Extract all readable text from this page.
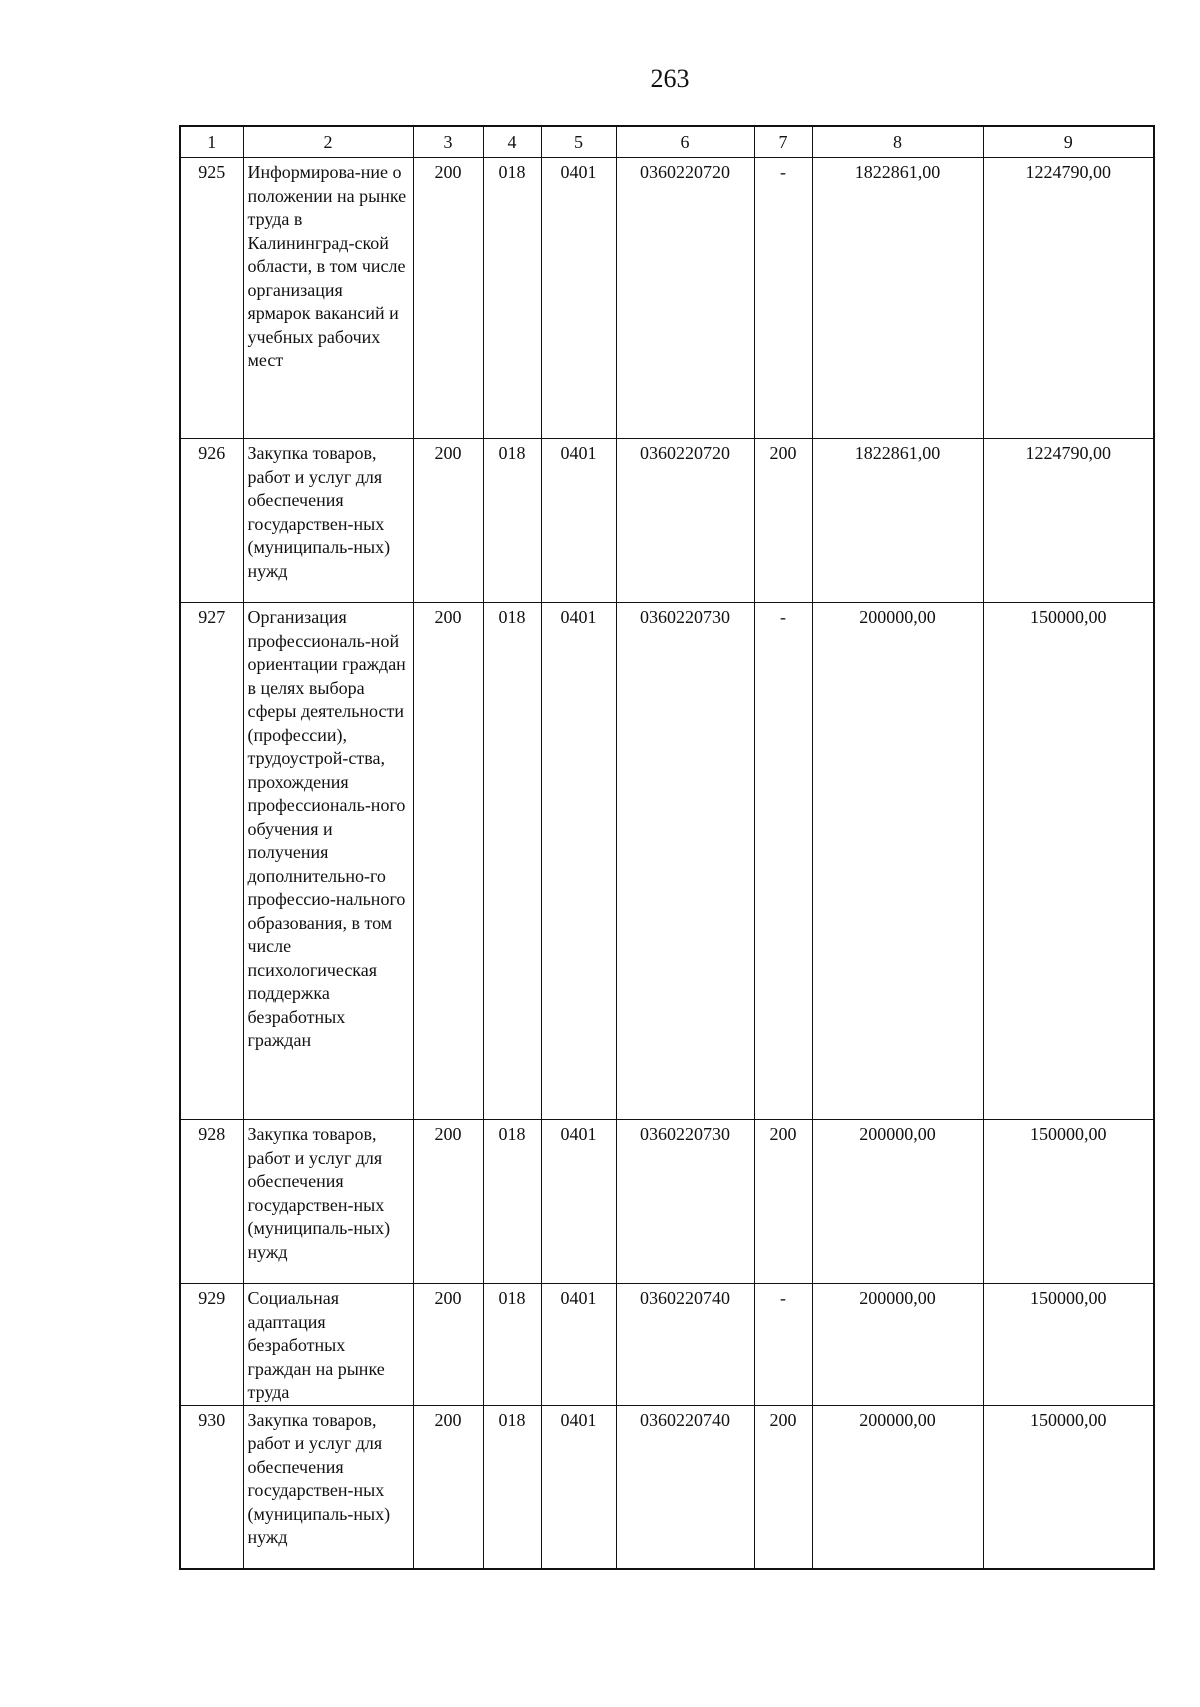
263
1	2	3	4	5	6	7	8	9
925	Информирова-ние о положении на рынке труда в Калининград-ской области, в том числе организация ярмарок вакансий и учебных рабочих мест	200	018	0401	0360220720	-	1822861,00	1224790,00
926	Закупка товаров, работ и услуг для обеспечения государствен-ных (муниципаль-ных) нужд	200	018	0401	0360220720	200	1822861,00	1224790,00
927	Организация профессиональ-ной ориентации граждан в целях выбора сферы деятельности (профессии), трудоустрой-ства, прохождения профессиональ-ного обучения и получения дополнительно-го профессио-нального образования, в том числе психологическая поддержка безработных граждан	200	018	0401	0360220730	-	200000,00	150000,00
928	Закупка товаров, работ и услуг для обеспечения государствен-ных (муниципаль-ных) нужд	200	018	0401	0360220730	200	200000,00	150000,00
929	Социальная адаптация безработных граждан на рынке труда	200	018	0401	0360220740	-	200000,00	150000,00
930	Закупка товаров, работ и услуг для обеспечения государствен-ных (муниципаль-ных) нужд	200	018	0401	0360220740	200	200000,00	150000,00
